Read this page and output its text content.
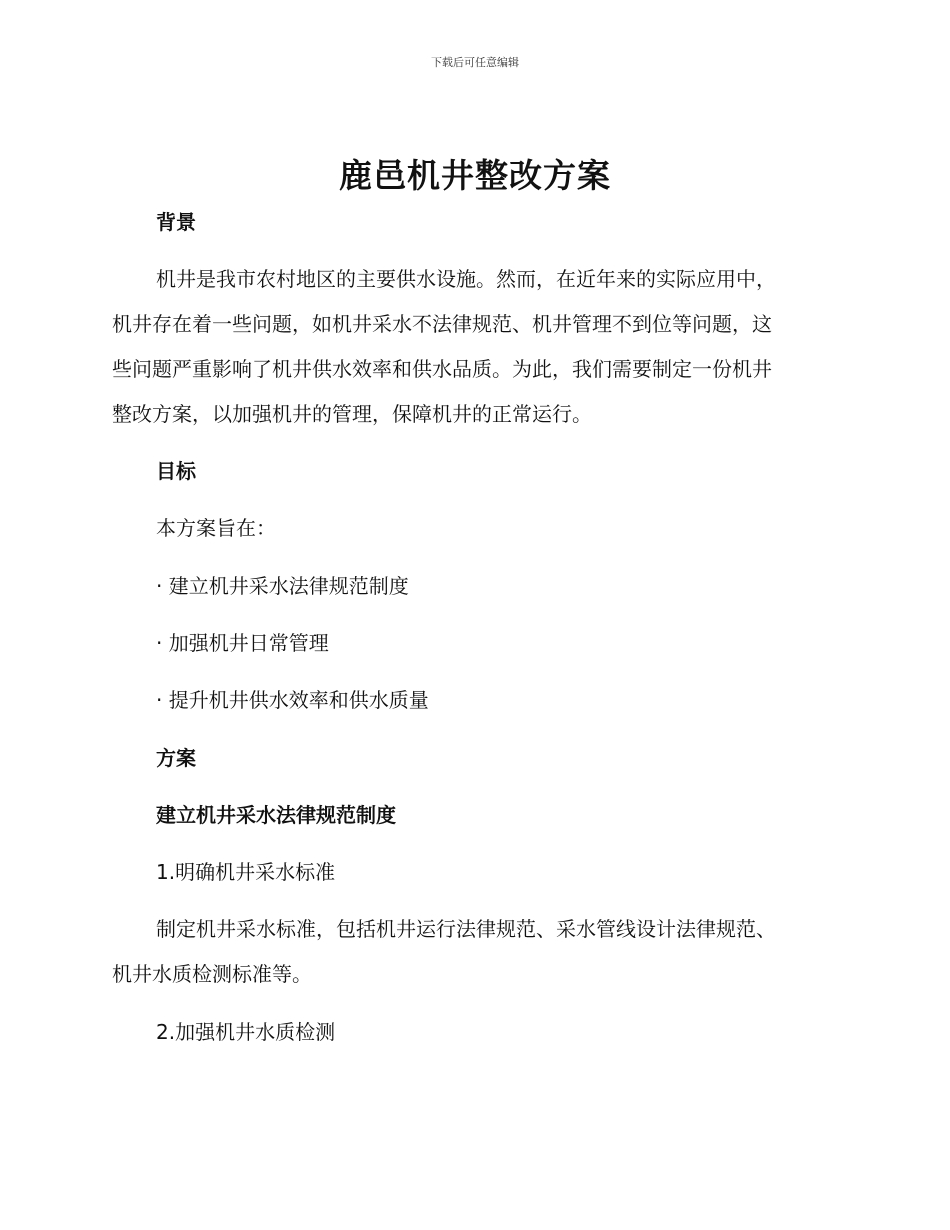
下载后可任意编辑
鹿邑机井整改方案
背景
机井是我市农村地区的主要供水设施。然而，在近年来的实际应用中，
机井存在着一些问题，如机井采水不法律规范、机井管理不到位等问题，这
些问题严重影响了机井供水效率和供水品质。为此，我们需要制定一份机井
整改方案，以加强机井的管理，保障机井的正常运行。
目标
本方案旨在：
· 建立机井采水法律规范制度
· 加强机井日常管理
· 提升机井供水效率和供水质量
方案
建立机井采水法律规范制度
1.明确机井采水标准
制定机井采水标准，包括机井运行法律规范、采水管线设计法律规范、
机井水质检测标准等。
2.加强机井水质检测
